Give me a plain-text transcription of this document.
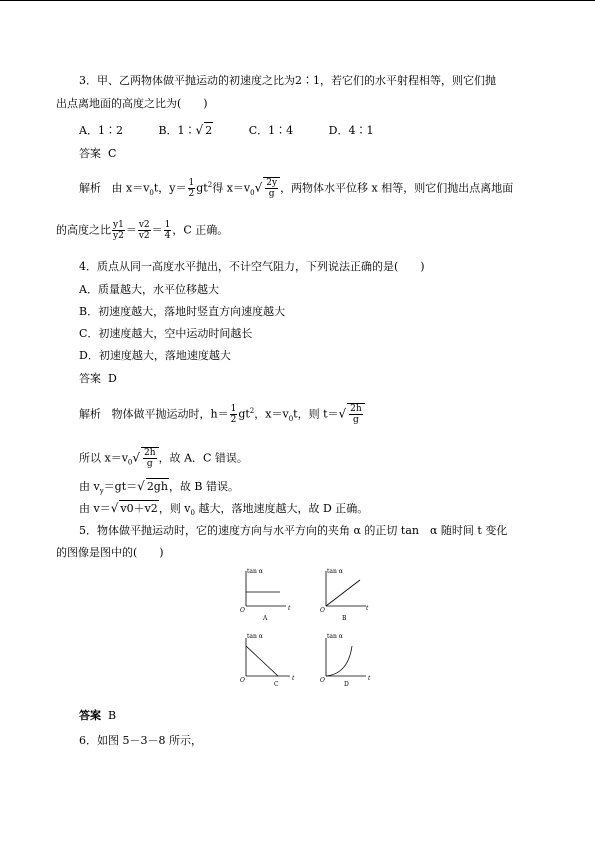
3．甲、乙两物体做平抛运动的初速度之比为2∶1，若它们的水平射程相等，则它们抛
出点离地面的高度之比为(　　)
A．1∶2	B．1∶√ 2	C．1∶4	D．4∶1
答案 C
解析 由 $x=v_0t$，$y= \frac{1}{2} gt^2$得 $x=v_0√ \frac{2y}{g}$ ，两物体水平位移 x 相等，则它们抛出点离地面
的高度之比 $\frac{y1}{y2} = \frac{v2}{v2} = \frac{1}{4}$ ，C 正确。
4．质点从同一高度水平抛出，不计空气阻力，下列说法正确的是(　　)
A．质量越大，水平位移越大
B．初速度越大，落地时竖直方向速度越大
C．初速度越大，空中运动时间越长
D．初速度越大，落地速度越大
答案 D
解析 物体做平抛运动时，$h= \frac{1}{2} gt^2$，$x=v_0t$，则 $t=√ \frac{2h}{g}$
所以 $x=v_0√ \frac{2h}{g}$ ，故 A．C 错误。
由 $v_y=gt=√$ 2gh，故 B 错误。
由 v＝√ v0＋v2，则 $v_0$ 越大，落地速度越大，故 D 正确。
5．物体做平抛运动时，它的速度方向与水平方向的夹角 α 的正切 tan　α 随时间 t 变化
的图像是图中的(　　)
tan α
O	t
A
tan α
O	t
B
tan α
O	t
C
tan α
O	t
D
答案 B
6．如图 5－3－8 所示，
